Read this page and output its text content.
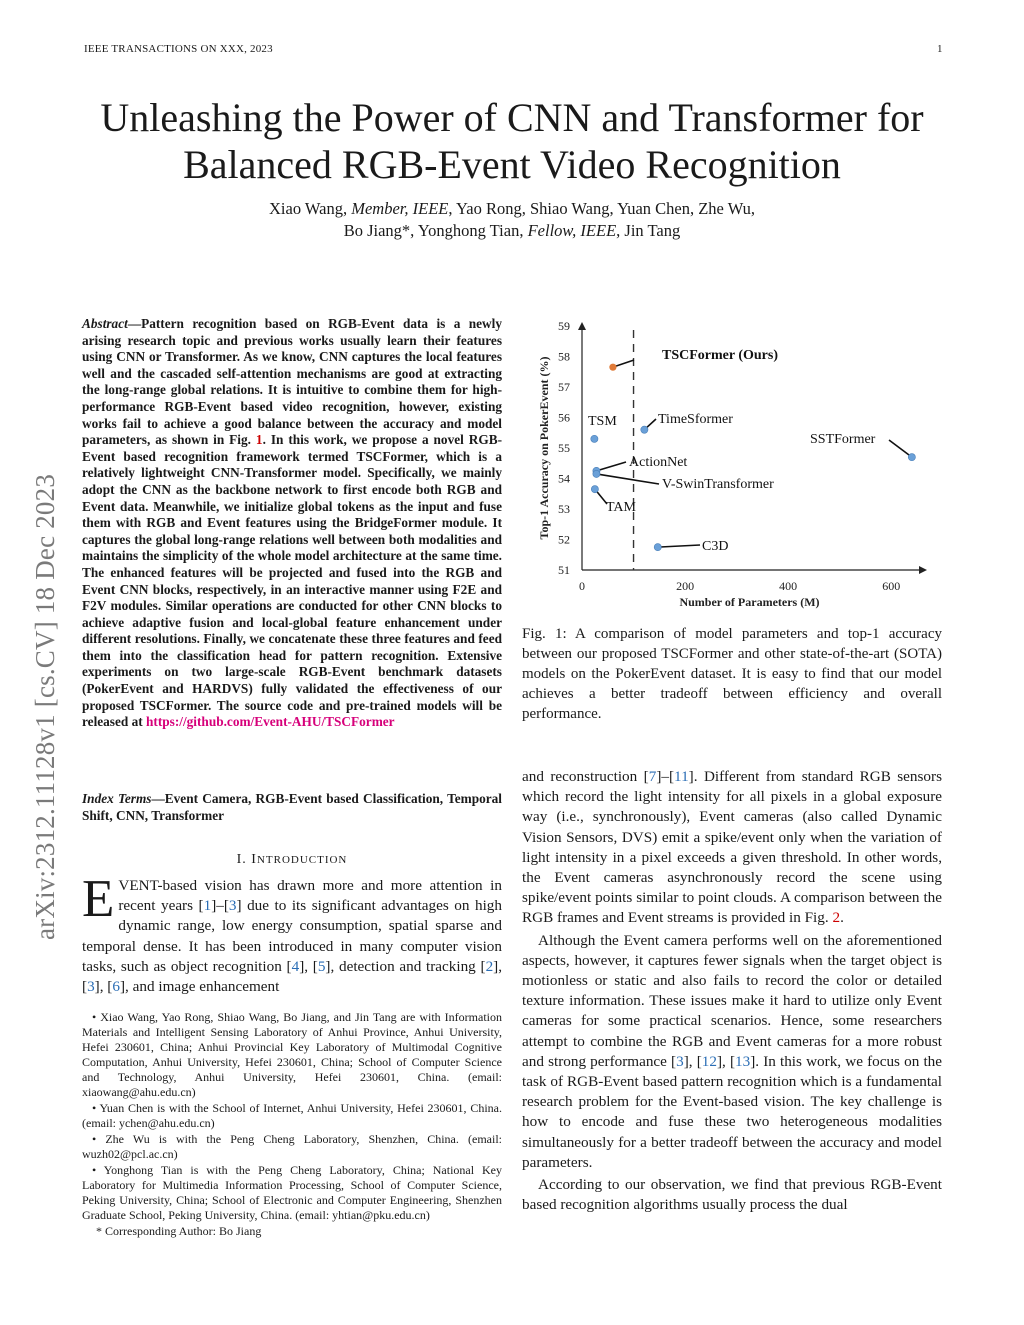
IEEE TRANSACTIONS ON XXX, 2023	1
Unleashing the Power of CNN and Transformer for
Balanced RGB-Event Video Recognition
Xiao Wang, Member, IEEE, Yao Rong, Shiao Wang, Yuan Chen, Zhe Wu,
Bo Jiang*, Yonghong Tian, Fellow, IEEE, Jin Tang
arXiv:2312.11128v1 [cs.CV] 18 Dec 2023
Abstract—Pattern recognition based on RGB-Event data is a newly arising research topic and previous works usually learn their features using CNN or Transformer. As we know, CNN captures the local features well and the cascaded self-attention mechanisms are good at extracting the long-range global relations. It is intuitive to combine them for high-performance RGB-Event based video recognition, however, existing works fail to achieve a good balance between the accuracy and model parameters, as shown in Fig. 1. In this work, we propose a novel RGB-Event based recognition framework termed TSCFormer, which is a relatively lightweight CNN-Transformer model. Specifically, we mainly adopt the CNN as the backbone network to first encode both RGB and Event data. Meanwhile, we initialize global tokens as the input and fuse them with RGB and Event features using the BridgeFormer module. It captures the global long-range relations well between both modalities and maintains the simplicity of the whole model architecture at the same time. The enhanced features will be projected and fused into the RGB and Event CNN blocks, respectively, in an interactive manner using F2E and F2V modules. Similar operations are conducted for other CNN blocks to achieve adaptive fusion and local-global feature enhancement under different resolutions. Finally, we concatenate these three features and feed them into the classification head for pattern recognition. Extensive experiments on two large-scale RGB-Event benchmark datasets (PokerEvent and HARDVS) fully validated the effectiveness of our proposed TSCFormer. The source code and pre-trained models will be released at https://github.com/Event-AHU/TSCFormer
Index Terms—Event Camera, RGB-Event based Classification, Temporal Shift, CNN, Transformer
I. INTRODUCTION
EVENT-based vision has drawn more and more attention in recent years [1]–[3] due to its significant advantages on high dynamic range, low energy consumption, spatial sparse and temporal dense. It has been introduced in many computer vision tasks, such as object recognition [4], [5], detection and tracking [2], [3], [6], and image enhancement

• Xiao Wang, Yao Rong, Shiao Wang, Bo Jiang, and Jin Tang are with Information Materials and Intelligent Sensing Laboratory of Anhui Province, Anhui University, Hefei 230601, China; Anhui Provincial Key Laboratory of Multimodal Cognitive Computation, Anhui University, Hefei 230601, China; School of Computer Science and Technology, Anhui University, Hefei 230601, China. (email: xiaowang@ahu.edu.cn)

• Yuan Chen is with the School of Internet, Anhui University, Hefei 230601, China. (email: ychen@ahu.edu.cn)

• Zhe Wu is with the Peng Cheng Laboratory, Shenzhen, China. (email: wuzh02@pcl.ac.cn)

• Yonghong Tian is with the Peng Cheng Laboratory, China; National Key Laboratory for Multimedia Information Processing, School of Computer Science, Peking University, China; School of Electronic and Computer Engineering, Shenzhen Graduate School, Peking University, China. (email: yhtian@pku.edu.cn)

* Corresponding Author: Bo Jiang

51
52
53
54
55
56
57
58
59
0	200	400	600
Number of Parameters (M)
Top-1 Accuracy on PokerEvent (%)
TSCFormer (Ours)
TSM	TimeSformer
SSTFormer
ActionNet
V-SwinTransformer
TAM
C3D
Fig. 1: A comparison of model parameters and top-1 accuracy between our proposed TSCFormer and other state-of-the-art (SOTA) models on the PokerEvent dataset. It is easy to find that our model achieves a better tradeoff between efficiency and overall performance.

and reconstruction [7]–[11]. Different from standard RGB sensors which record the light intensity for all pixels in a global exposure way (i.e., synchronously), Event cameras (also called Dynamic Vision Sensors, DVS) emit a spike/event only when the variation of light intensity in a pixel exceeds a given threshold. In other words, the Event cameras asynchronously record the scene using spike/event points similar to point clouds. A comparison between the RGB frames and Event streams is provided in Fig. 2.

Although the Event camera performs well on the aforementioned aspects, however, it captures fewer signals when the target object is motionless or static and also fails to record the color or detailed texture information. These issues make it hard to utilize only Event cameras for some practical scenarios. Hence, some researchers attempt to combine the RGB and Event cameras for a more robust and strong performance [3], [12], [13]. In this work, we focus on the task of RGB-Event based pattern recognition which is a fundamental research problem for the Event-based vision. The key challenge is how to encode and fuse these two heterogeneous modalities simultaneously for a better tradeoff between the accuracy and model parameters.

According to our observation, we find that previous RGB-Event based recognition algorithms usually process the dual
